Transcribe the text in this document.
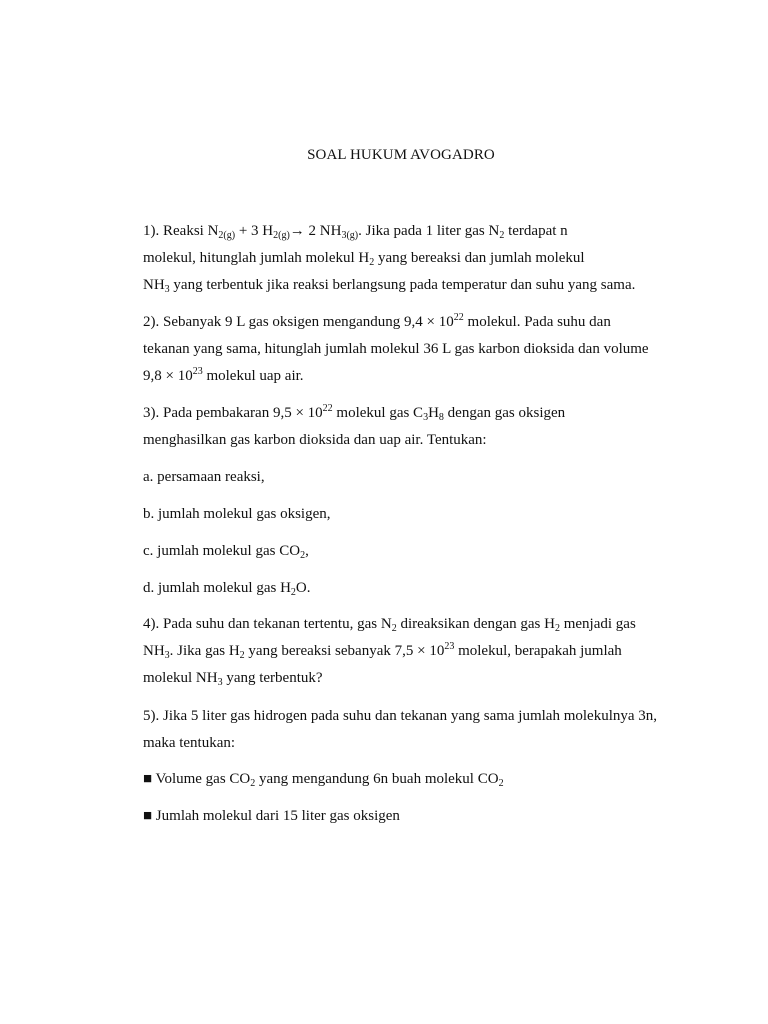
SOAL HUKUM AVOGADRO
1). Reaksi $N_{2(g)} + 3$ $H_{2(g)}\to 2$ $NH_{3(g)}$. Jika pada 1 liter gas $N_2$ terdapat n
molekul, hitunglah jumlah molekul $H_2$ yang bereaksi dan jumlah molekul
$NH_3$ yang terbentuk jika reaksi berlangsung pada temperatur dan suhu yang sama.
2). Sebanyak 9 L gas oksigen mengandung $9,4 \times 10^{22}$ molekul. Pada suhu dan
tekanan yang sama, hitunglah jumlah molekul 36 L gas karbon dioksida dan volume
$9,8 \times 10^{23}$ molekul uap air.
3). Pada pembakaran $9,5 \times 10^{22}$ molekul gas $C_3H_8$ dengan gas oksigen
menghasilkan gas karbon dioksida dan uap air. Tentukan:
a. persamaan reaksi,
b. jumlah molekul gas oksigen,
c. jumlah molekul gas $CO_2$,
d. jumlah molekul gas $H_2O$.
4). Pada suhu dan tekanan tertentu, gas $N_2$ direaksikan dengan gas $H_2$ menjadi gas
$NH_3$. Jika gas $H_2$ yang bereaksi sebanyak $7,5 \times 10^{23}$ molekul, berapakah jumlah
molekul $NH_3$ yang terbentuk?
5). Jika 5 liter gas hidrogen pada suhu dan tekanan yang sama jumlah molekulnya 3n,
maka tentukan:
■ Volume gas $CO_2$ yang mengandung 6n buah molekul $CO_2$
■ Jumlah molekul dari 15 liter gas oksigen
